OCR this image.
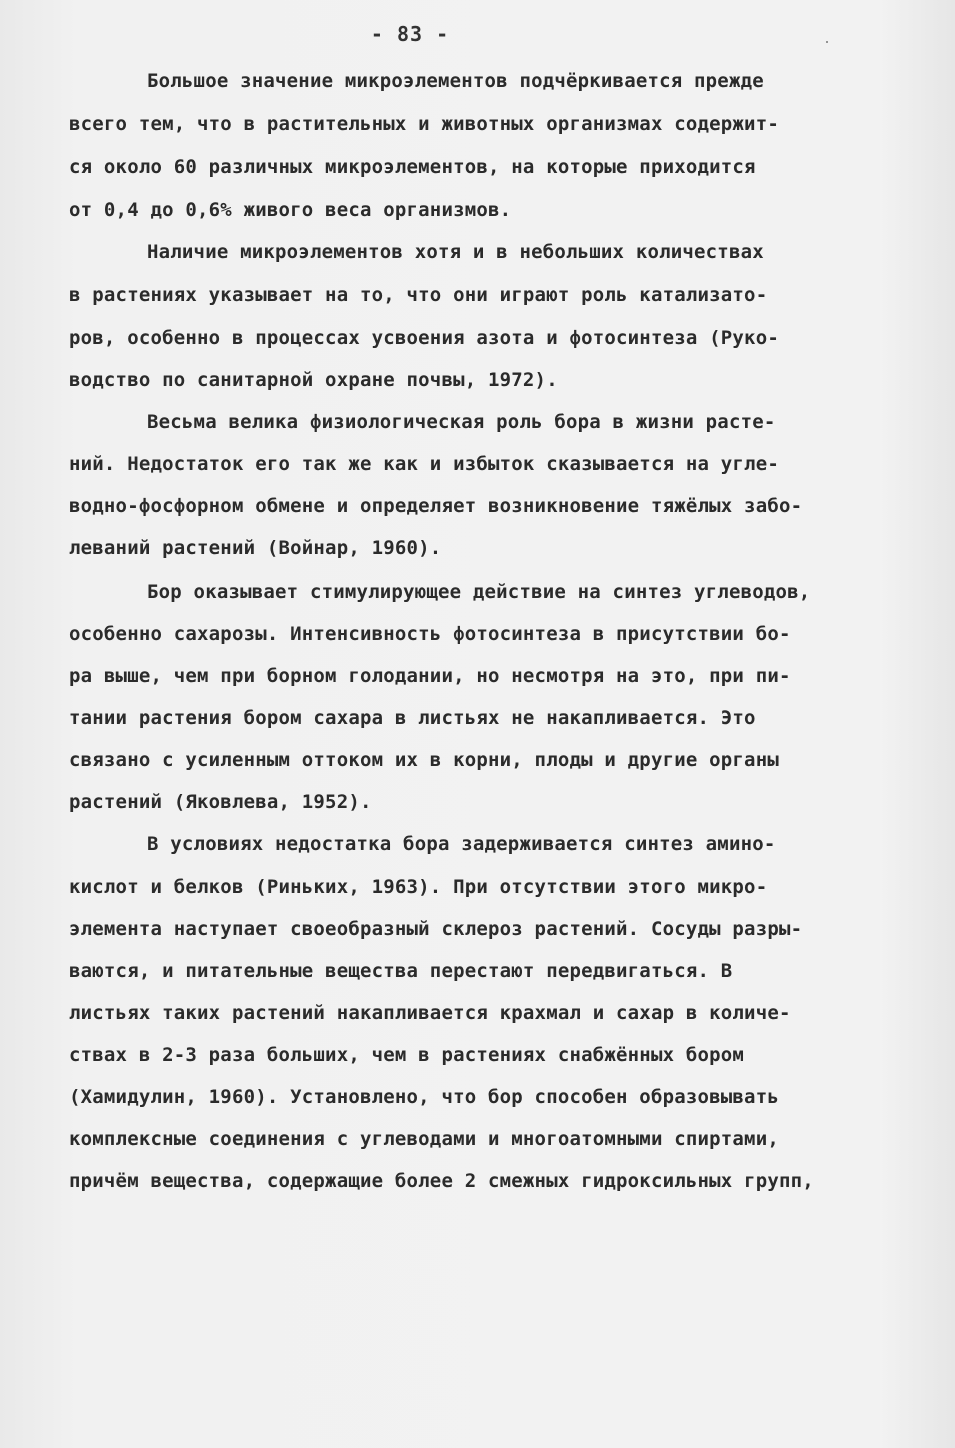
- 83 -
Большое значение микроэлементов подчёркивается прежде
всего тем, что в растительных и животных организмах содержит-
ся около 60 различных микроэлементов, на которые приходится
от 0,4 до 0,6% живого веса организмов.
Наличие микроэлементов хотя и в небольших количествах
в растениях указывает на то, что они играют роль катализато-
ров, особенно в процессах усвоения азота и фотосинтеза (Руко-
водство по санитарной охране почвы, 1972).
Весьма велика физиологическая роль бора в жизни расте-
ний. Недостаток его так же как и избыток сказывается на угле-
водно-фосфорном обмене и определяет возникновение тяжёлых забо-
леваний растений (Войнар, 1960).
Бор оказывает стимулирующее действие на синтез углеводов,
особенно сахарозы. Интенсивность фотосинтеза в присутствии бо-
ра выше, чем при борном голодании, но несмотря на это, при пи-
тании растения бором сахара в листьях не накапливается. Это
связано с усиленным оттоком их в корни, плоды и другие органы
растений (Яковлева, 1952).
В условиях недостатка бора задерживается синтез амино-
кислот и белков (Риньких, 1963). При отсутствии этого микро-
элемента наступает своеобразный склероз растений. Сосуды разры-
ваются, и питательные вещества перестают передвигаться. В
листьях таких растений накапливается крахмал и сахар в количе-
ствах в 2-3 раза больших, чем в растениях снабжённых бором
(Хамидулин, 1960). Установлено, что бор способен образовывать
комплексные соединения с углеводами и многоатомными спиртами,
причём вещества, содержащие более 2 смежных гидроксильных групп,
